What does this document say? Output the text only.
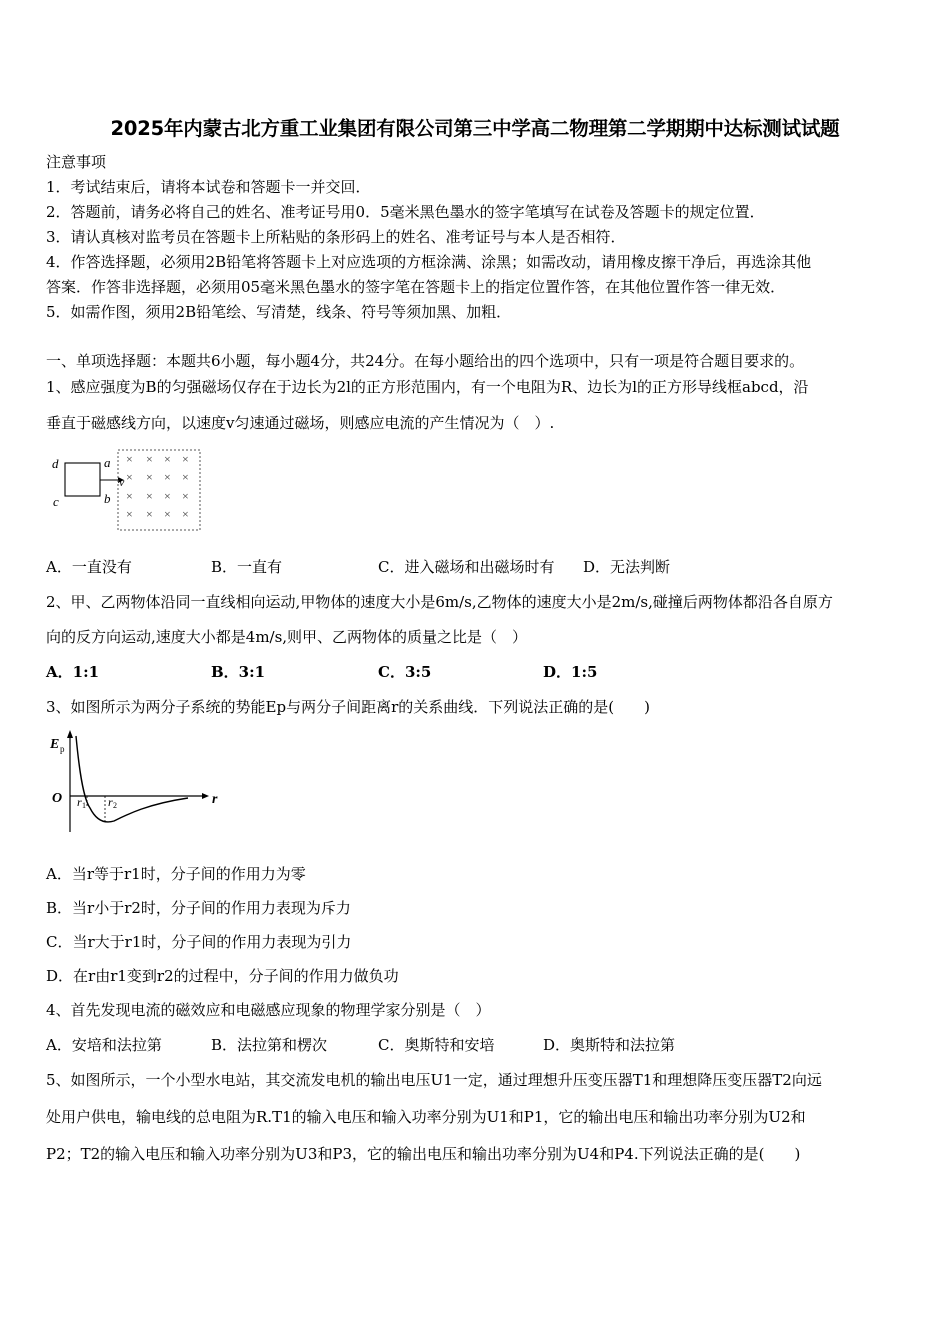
2025年内蒙古北方重工业集团有限公司第三中学高二物理第二学期期中达标测试试题
注意事项
1．考试结束后，请将本试卷和答题卡一并交回．
2．答题前，请务必将自己的姓名、准考证号用0．5毫米黑色墨水的签字笔填写在试卷及答题卡的规定位置．
3．请认真核对监考员在答题卡上所粘贴的条形码上的姓名、准考证号与本人是否相符．
4．作答选择题，必须用2B铅笔将答题卡上对应选项的方框涂满、涂黑；如需改动，请用橡皮擦干净后，再选涂其他
答案．作答非选择题，必须用05毫米黑色墨水的签字笔在答题卡上的指定位置作答，在其他位置作答一律无效．
5．如需作图，须用2B铅笔绘、写清楚，线条、符号等须加黑、加粗．
一、单项选择题：本题共6小题，每小题4分，共24分。在每小题给出的四个选项中，只有一项是符合题目要求的。
1、感应强度为B的匀强磁场仅存在于边长为2l的正方形范围内，有一个电阻为R、边长为l的正方形导线框abcd，沿
垂直于磁感线方向，以速度v匀速通过磁场，则感应电流的产生情况为（　）.
d	a
c	b
v
× × × ×
× × × ×
× × × ×
× × × ×
A．一直没有	B．一直有	C．进入磁场和出磁场时有 D．无法判断
2、甲、乙两物体沿同一直线相向运动,甲物体的速度大小是6m/s,乙物体的速度大小是2m/s,碰撞后两物体都沿各自原方
向的反方向运动,速度大小都是4m/s,则甲、乙两物体的质量之比是（　）
A．1:1	B．3:1	C．3:5	D．1:5
3、如图所示为两分子系统的势能Ep与两分子间距离r的关系曲线．下列说法正确的是(　　)
E p
O	r
r 1 r 2
A．当r等于r1时，分子间的作用力为零
B．当r小于r2时，分子间的作用力表现为斥力
C．当r大于r1时，分子间的作用力表现为引力
D．在r由r1变到r2的过程中，分子间的作用力做负功
4、首先发现电流的磁效应和电磁感应现象的物理学家分别是（　）
A．安培和法拉第	B．法拉第和楞次	C．奥斯特和安培	D．奥斯特和法拉第
5、如图所示，一个小型水电站，其交流发电机的输出电压U1一定，通过理想升压变压器T1和理想降压变压器T2向远
处用户供电，输电线的总电阻为R.T1的输入电压和输入功率分别为U1和P1，它的输出电压和输出功率分别为U2和
P2；T2的输入电压和输入功率分别为U3和P3，它的输出电压和输出功率分别为U4和P4.下列说法正确的是(　　)
